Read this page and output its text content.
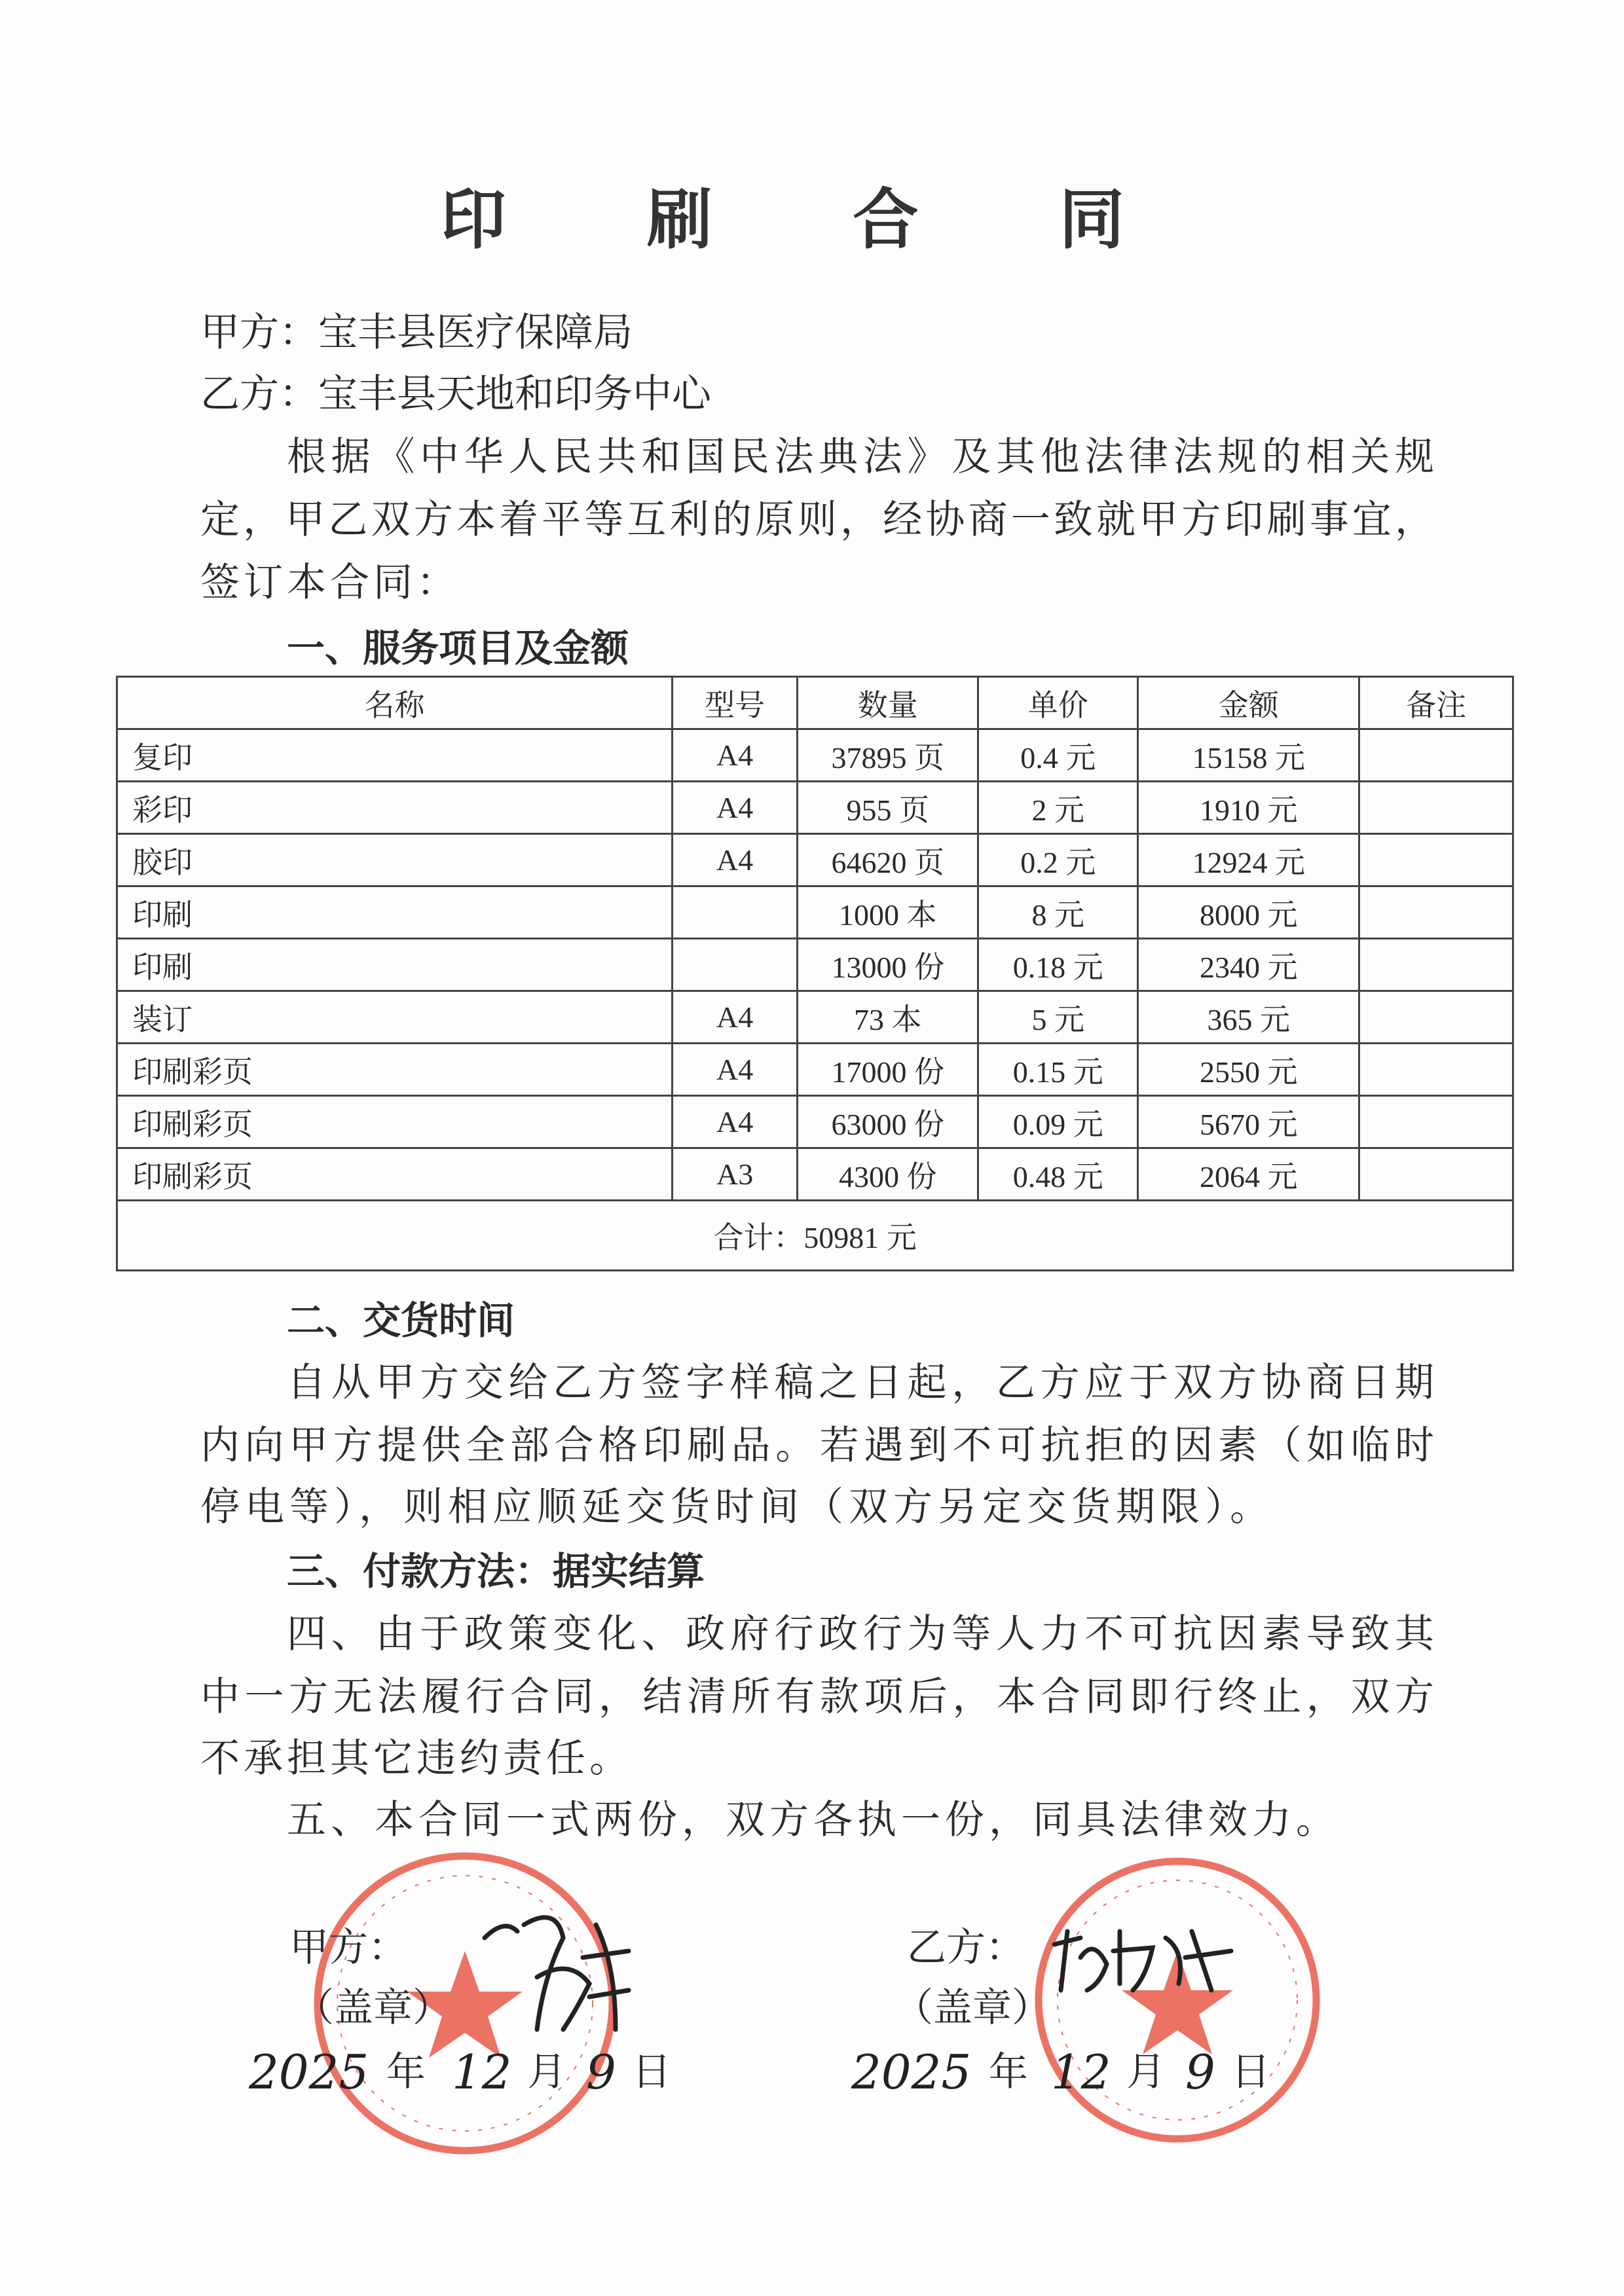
印 刷 合 同
甲方：宝丰县医疗保障局
乙方：宝丰县天地和印务中心
根据《中华人民共和国民法典法》及其他法律法规的相关规
定，甲乙双方本着平等互利的原则，经协商一致就甲方印刷事宜，
签订本合同：
一、服务项目及金额
名称	型号	数量	单价	金额	备注
复印	A4	37895 页	0.4 元	15158 元	
彩印	A4	955 页	2 元	1910 元	
胶印	A4	64620 页	0.2 元	12924 元	
印刷		1000 本	8 元	8000 元	
印刷		13000 份	0.18 元	2340 元	
装订	A4	73 本	5 元	365 元	
印刷彩页	A4	17000 份	0.15 元	2550 元	
印刷彩页	A4	63000 份	0.09 元	5670 元	
印刷彩页	A3	4300 份	0.48 元	2064 元	
合计：50981 元					
二、交货时间
自从甲方交给乙方签字样稿之日起，乙方应于双方协商日期
内向甲方提供全部合格印刷品。若遇到不可抗拒的因素（如临时
停电等），则相应顺延交货时间（双方另定交货期限）。
三、付款方法：据实结算
四、由于政策变化、政府行政行为等人力不可抗因素导致其
中一方无法履行合同，结清所有款项后，本合同即行终止，双方
不承担其它违约责任。
五、本合同一式两份，双方各执一份，同具法律效力。
甲方：
（盖章）
乙方：
（盖章）
2025 年 12 月 9 日	2025 年 12 月 9 日
